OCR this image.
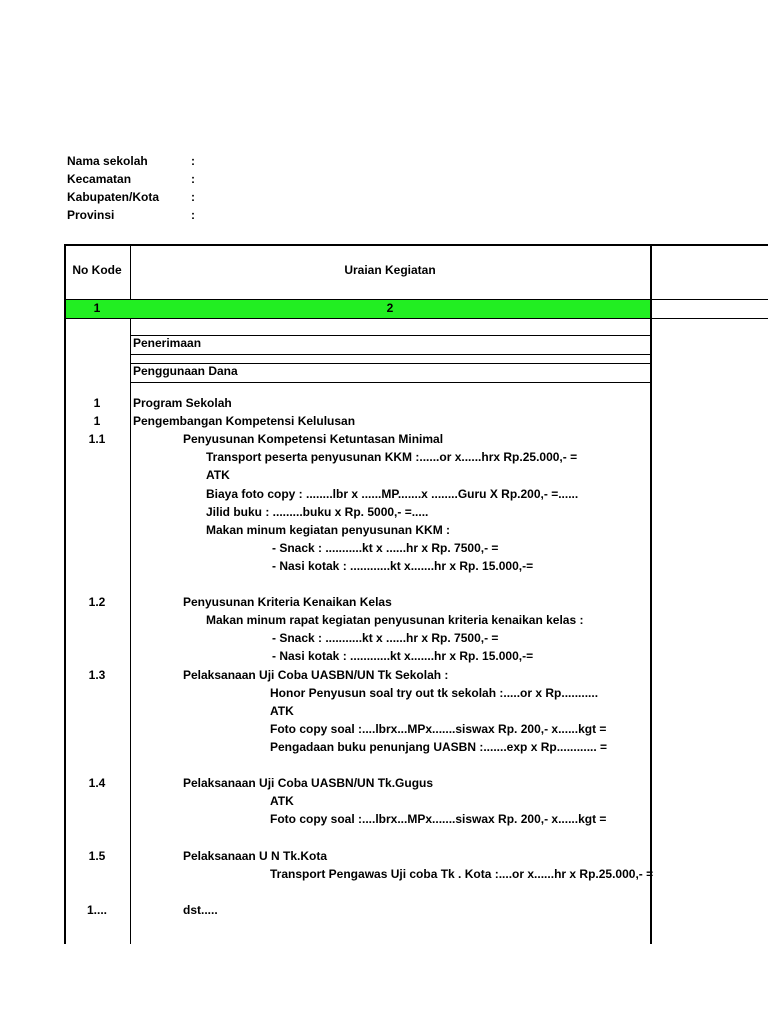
Nama sekolah	:
Kecamatan	:
Kabupaten/Kota	:
Provinsi	:
No Kode	Uraian Kegiatan
1	2
Penerimaan
Penggunaan Dana
1	Program Sekolah
1	Pengembangan Kompetensi Kelulusan
1.1	Penyusunan Kompetensi Ketuntasan Minimal
Transport peserta penyusunan KKM :......or x......hrx Rp.25.000,- =
ATK
Biaya foto copy : ........lbr x ......MP.......x ........Guru X Rp.200,- =......
Jilid buku : .........buku x Rp. 5000,- =.....
Makan minum kegiatan penyusunan KKM :
- Snack : ...........kt x ......hr x Rp. 7500,- =
- Nasi kotak : ............kt x.......hr x Rp. 15.000,-=
1.2	Penyusunan Kriteria Kenaikan Kelas
Makan minum rapat kegiatan penyusunan kriteria kenaikan kelas :
- Snack : ...........kt x ......hr x Rp. 7500,- =
- Nasi kotak : ............kt x.......hr x Rp. 15.000,-=
1.3	Pelaksanaan Uji Coba UASBN/UN Tk Sekolah :
Honor Penyusun soal try out tk sekolah :.....or x Rp...........
ATK
Foto copy soal :....lbrx...MPx.......siswax Rp. 200,- x......kgt =
Pengadaan buku penunjang UASBN :.......exp x Rp............ =
1.4	Pelaksanaan Uji Coba UASBN/UN Tk.Gugus
ATK
Foto copy soal :....lbrx...MPx.......siswax Rp. 200,- x......kgt =
1.5	Pelaksanaan U N Tk.Kota
Transport Pengawas Uji coba Tk . Kota :....or x......hr x Rp.25.000,- =
1....	dst.....
